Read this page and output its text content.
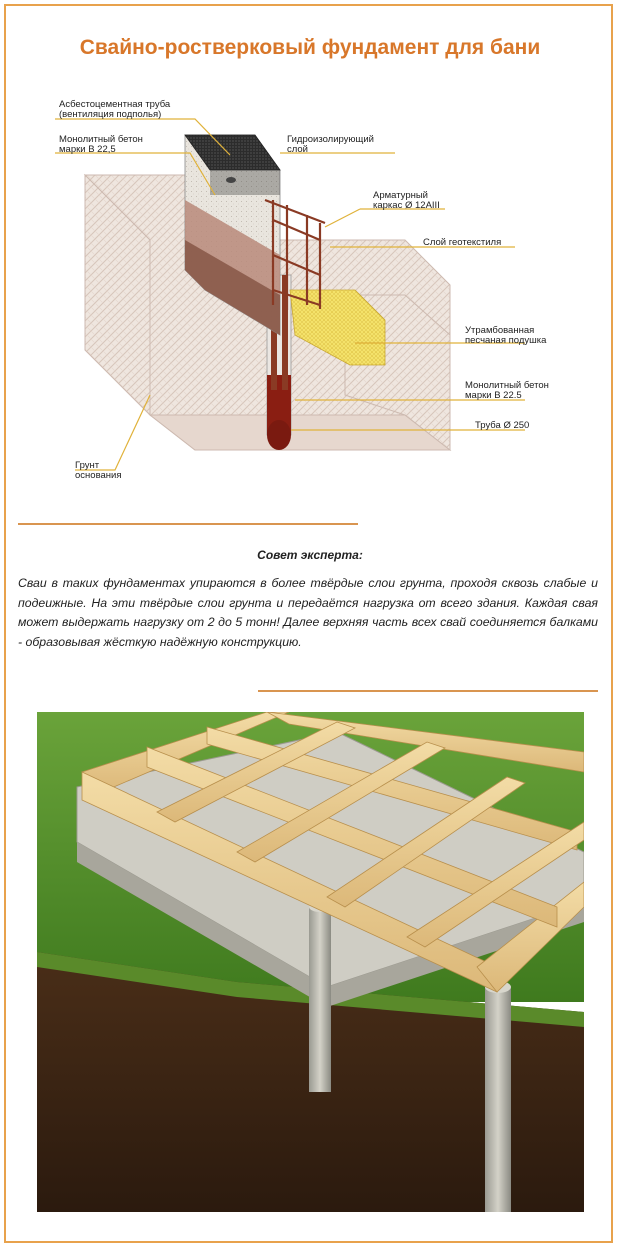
Свайно-ростверковый фундамент для бани
Асбестоцементная труба
(вентиляция подполья)
Монолитный бетон
марки В 22,5
Гидроизолирующий
слой
Арматурный
каркас Ø 12АIII
Слой геотекстиля
Утрамбованная
песчаная подушка
Монолитный бетон
марки В 22.5
Труба Ø 250
Грунт
основания
Совет эксперта:
Сваи в таких фундаментах упираются в более твёрдые слои грунта, проходя сквозь слабые и подеижные. На эти твёрдые слои грунта и передаётся нагрузка от всего здания. Каждая свая может выдержать нагрузку от 2 до 5 тонн! Далее верхняя часть всех свай соединяется балками - образовывая жёсткую надёжную конструкцию.
